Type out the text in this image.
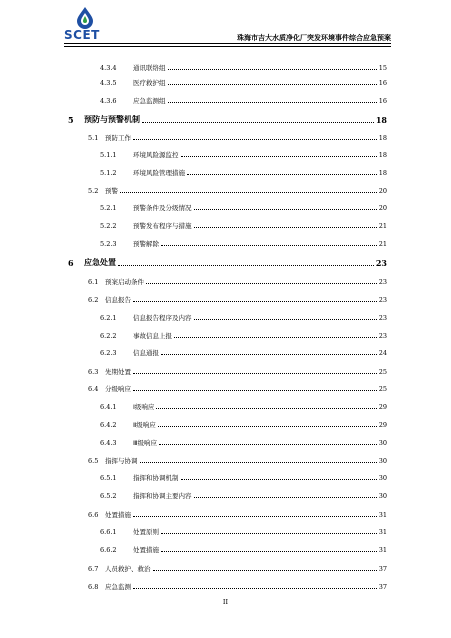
SCET	珠海市吉大水质净化厂突发环境事件综合应急预案
4.3.4	通讯联络组	15
4.3.5	医疗救护组	16
4.3.6	应急监测组	16
5	预防与预警机制	18
5.1	预防工作	18
5.1.1	环境风险源监控	18
5.1.2	环境风险管理措施	18
5.2	预警	20
5.2.1	预警条件及分级情况	20
5.2.2	预警发布程序与措施	21
5.2.3	预警解除	21
6	应急处置	23
6.1	预案启动条件	23
6.2	信息报告	23
6.2.1	信息报告程序及内容	23
6.2.2	事故信息上报	23
6.2.3	信息通报	24
6.3	先期处置	25
6.4	分级响应	25
6.4.1	Ⅰ级响应	29
6.4.2	Ⅱ级响应	29
6.4.3	Ⅲ级响应	30
6.5	指挥与协调	30
6.5.1	指挥和协调机制	30
6.5.2	指挥和协调主要内容	30
6.6	处置措施	31
6.6.1	处置原则	31
6.6.2	处置措施	31
6.7	人员救护、救治	37
6.8	应急监测	37
II
